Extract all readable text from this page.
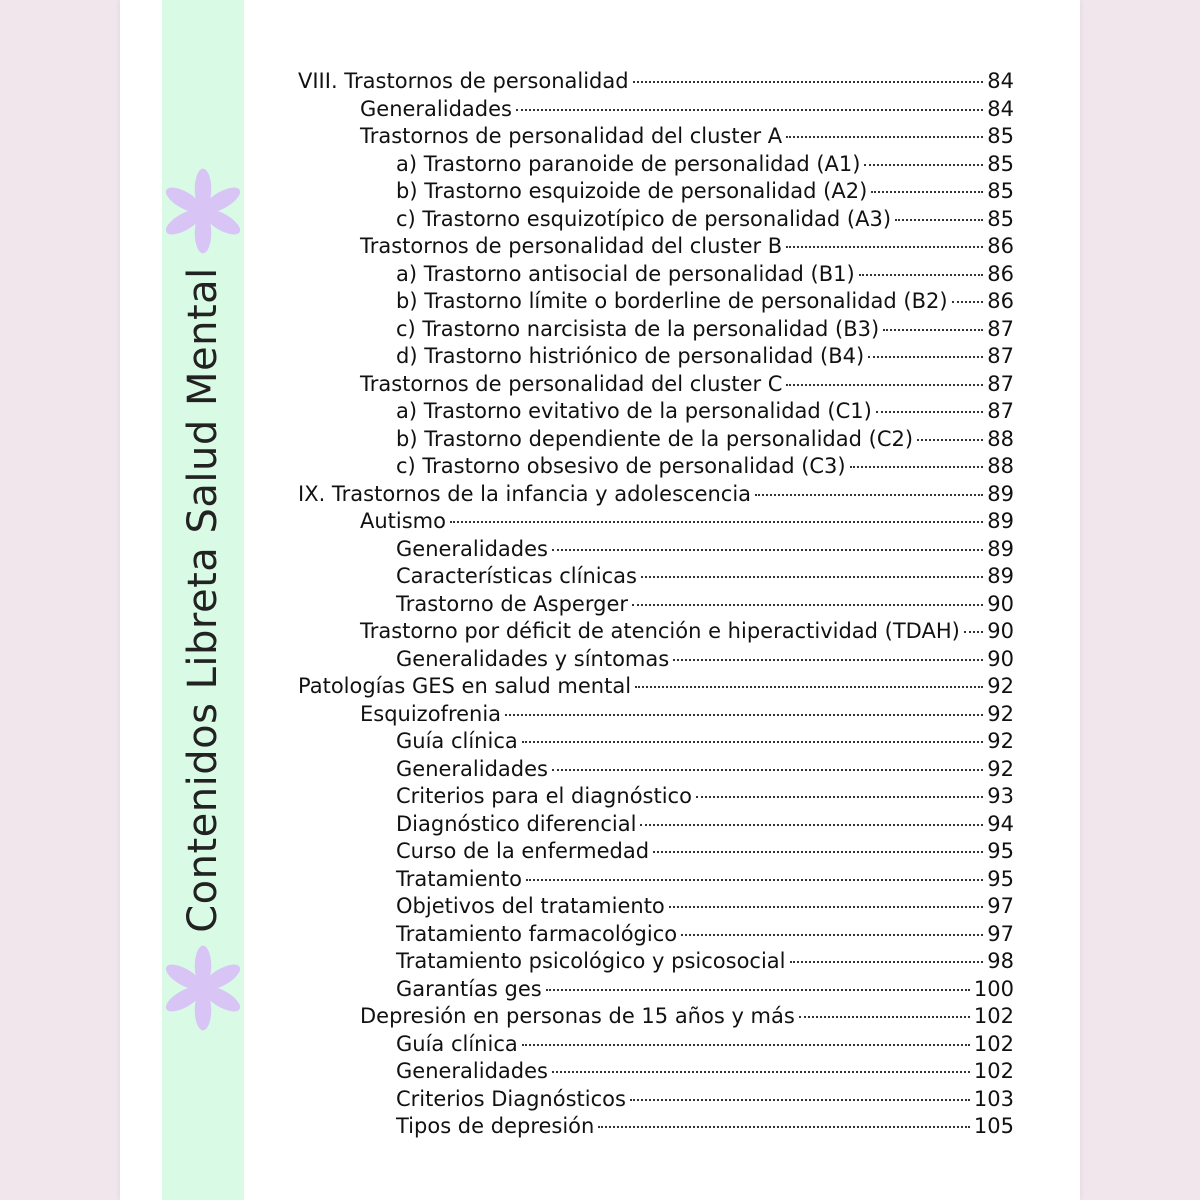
Contenidos Libreta Salud Mental
VIII. Trastornos de personalidad	84
Generalidades	84
Trastornos de personalidad del cluster A	85
a) Trastorno paranoide de personalidad (A1)	85
b) Trastorno esquizoide de personalidad (A2)	85
c) Trastorno esquizotípico de personalidad (A3)	85
Trastornos de personalidad del cluster B	86
a) Trastorno antisocial de personalidad (B1)	86
b) Trastorno límite o borderline de personalidad (B2) 86
c) Trastorno narcisista de la personalidad (B3)	87
d) Trastorno histriónico de personalidad (B4)	87
Trastornos de personalidad del cluster C	87
a) Trastorno evitativo de la personalidad (C1)	87
b) Trastorno dependiente de la personalidad (C2)	88
c) Trastorno obsesivo de personalidad (C3)	88
IX. Trastornos de la infancia y adolescencia	89
Autismo	89
Generalidades	89
Características clínicas	89
Trastorno de Asperger	90
Trastorno por déficit de atención e hiperactividad (TDAH) 90
Generalidades y síntomas	90
Patologías GES en salud mental	92
Esquizofrenia	92
Guía clínica	92
Generalidades	92
Criterios para el diagnóstico	93
Diagnóstico diferencial	94
Curso de la enfermedad	95
Tratamiento	95
Objetivos del tratamiento	97
Tratamiento farmacológico	97
Tratamiento psicológico y psicosocial	98
Garantías ges	100
Depresión en personas de 15 años y más	102
Guía clínica	102
Generalidades	102
Criterios Diagnósticos	103
Tipos de depresión	105
